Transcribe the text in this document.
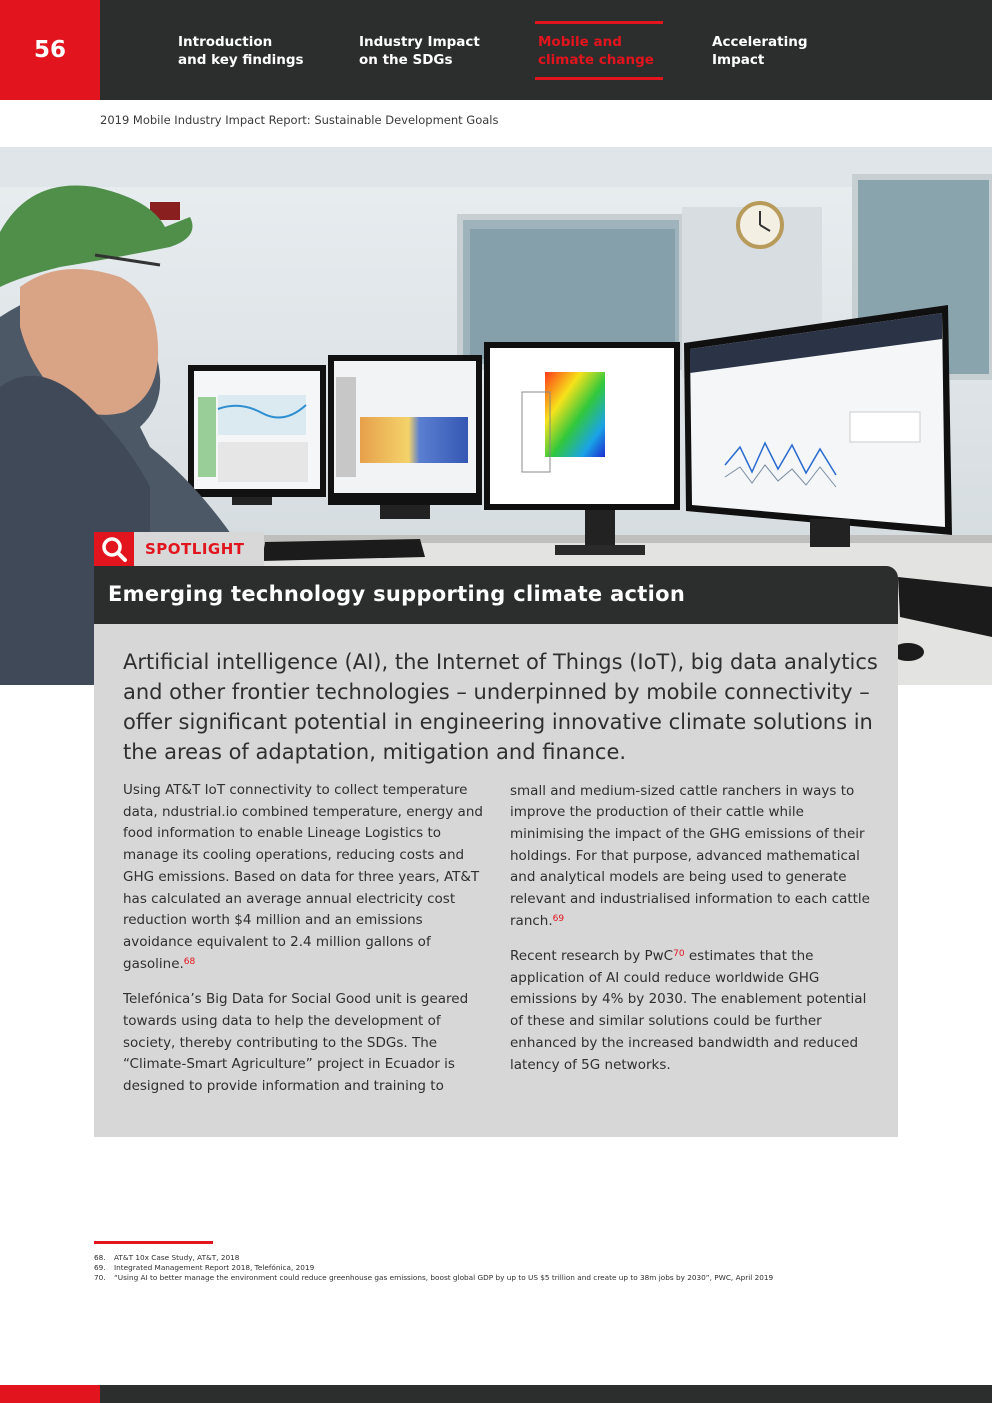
56	Introduction
and key findings
Industry Impact
on the SDGs
Mobile and
climate change
Accelerating
Impact
2019 Mobile Industry Impact Report: Sustainable Development Goals
SPOTLIGHT
Emerging technology supporting climate action
Artificial intelligence (AI), the Internet of Things (IoT), big data analytics and other frontier technologies – underpinned by mobile connectivity – offer significant potential in engineering innovative climate solutions in the areas of adaptation, mitigation and finance.

Using AT&T IoT connectivity to collect temperature data, ndustrial.io combined temperature, energy and food information to enable Lineage Logistics to manage its cooling operations, reducing costs and GHG emissions. Based on data for three years, AT&T has calculated an average annual electricity cost reduction worth $4 million and an emissions avoidance equivalent to 2.4 million gallons of gasoline.$^{68}$

Telefónica’s Big Data for Social Good unit is geared towards using data to help the development of society, thereby contributing to the SDGs. The “Climate-Smart Agriculture” project in Ecuador is designed to provide information and training to

small and medium-sized cattle ranchers in ways to improve the production of their cattle while minimising the impact of the GHG emissions of their holdings. For that purpose, advanced mathematical and analytical models are being used to generate relevant and industrialised information to each cattle ranch.$^{69}$

Recent research by PwC$^{70}$ estimates that the application of AI could reduce worldwide GHG emissions by 4% by 2030. The enablement potential of these and similar solutions could be further enhanced by the increased bandwidth and reduced latency of 5G networks.

68. AT&T 10x Case Study, AT&T, 2018
69. Integrated Management Report 2018, Telefónica, 2019
70. “Using AI to better manage the environment could reduce greenhouse gas emissions, boost global GDP by up to US $5 trillion and create up to 38m jobs by 2030”, PWC, April 2019
